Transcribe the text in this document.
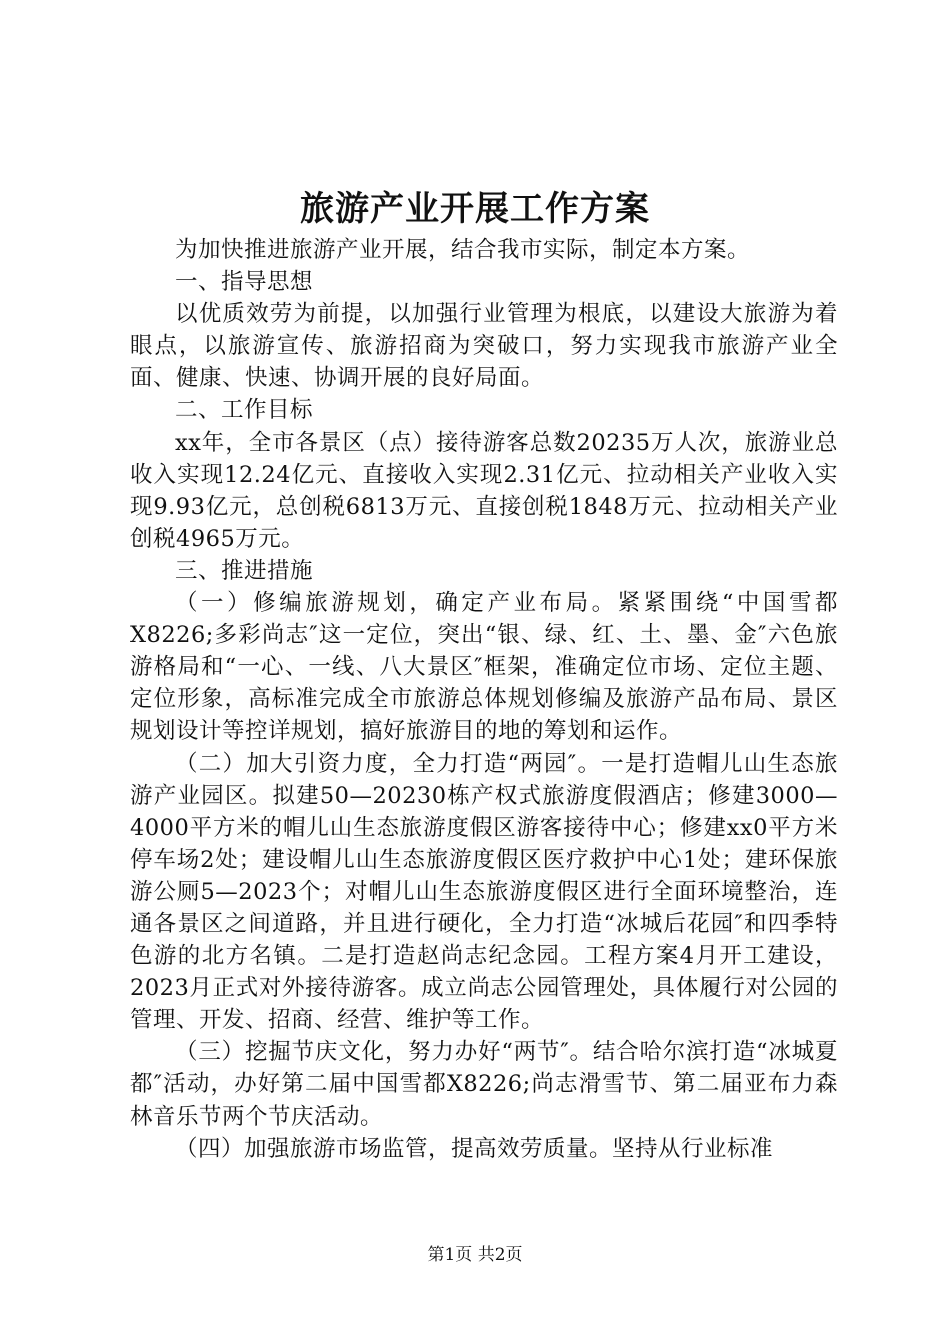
旅游产业开展工作方案

为加快推进旅游产业开展，结合我市实际，制定本方案。

一、指导思想

以优质效劳为前提，以加强行业管理为根底，以建设大旅游为着眼点，以旅游宣传、旅游招商为突破口，努力实现我市旅游产业全面、健康、快速、协调开展的良好局面。

二、工作目标

xx年，全市各景区（点）接待游客总数20235万人次，旅游业总收入实现12.24亿元、直接收入实现2.31亿元、拉动相关产业收入实现9.93亿元，总创税6813万元、直接创税1848万元、拉动相关产业创税4965万元。

三、推进措施

（一）修编旅游规划，确定产业布局。紧紧围绕“中国雪都X8226;多彩尚志″这一定位，突出“银、绿、红、土、墨、金″六色旅游格局和“一心、一线、八大景区″框架，准确定位市场、定位主题、定位形象，高标准完成全市旅游总体规划修编及旅游产品布局、景区规划设计等控详规划，搞好旅游目的地的筹划和运作。

（二）加大引资力度，全力打造“两园″。一是打造帽儿山生态旅游产业园区。拟建50—20230栋产权式旅游度假酒店；修建3000—4000平方米的帽儿山生态旅游度假区游客接待中心；修建xx0平方米停车场2处；建设帽儿山生态旅游度假区医疗救护中心1处；建环保旅游公厕5—2023个；对帽儿山生态旅游度假区进行全面环境整治，连通各景区之间道路，并且进行硬化，全力打造“冰城后花园″和四季特色游的北方名镇。二是打造赵尚志纪念园。工程方案4月开工建设，2023月正式对外接待游客。成立尚志公园管理处，具体履行对公园的管理、开发、招商、经营、维护等工作。

（三）挖掘节庆文化，努力办好“两节″。结合哈尔滨打造“冰城夏都″活动，办好第二届中国雪都X8226;尚志滑雪节、第二届亚布力森林音乐节两个节庆活动。

（四）加强旅游市场监管，提高效劳质量。坚持从行业标准

第1页 共2页
